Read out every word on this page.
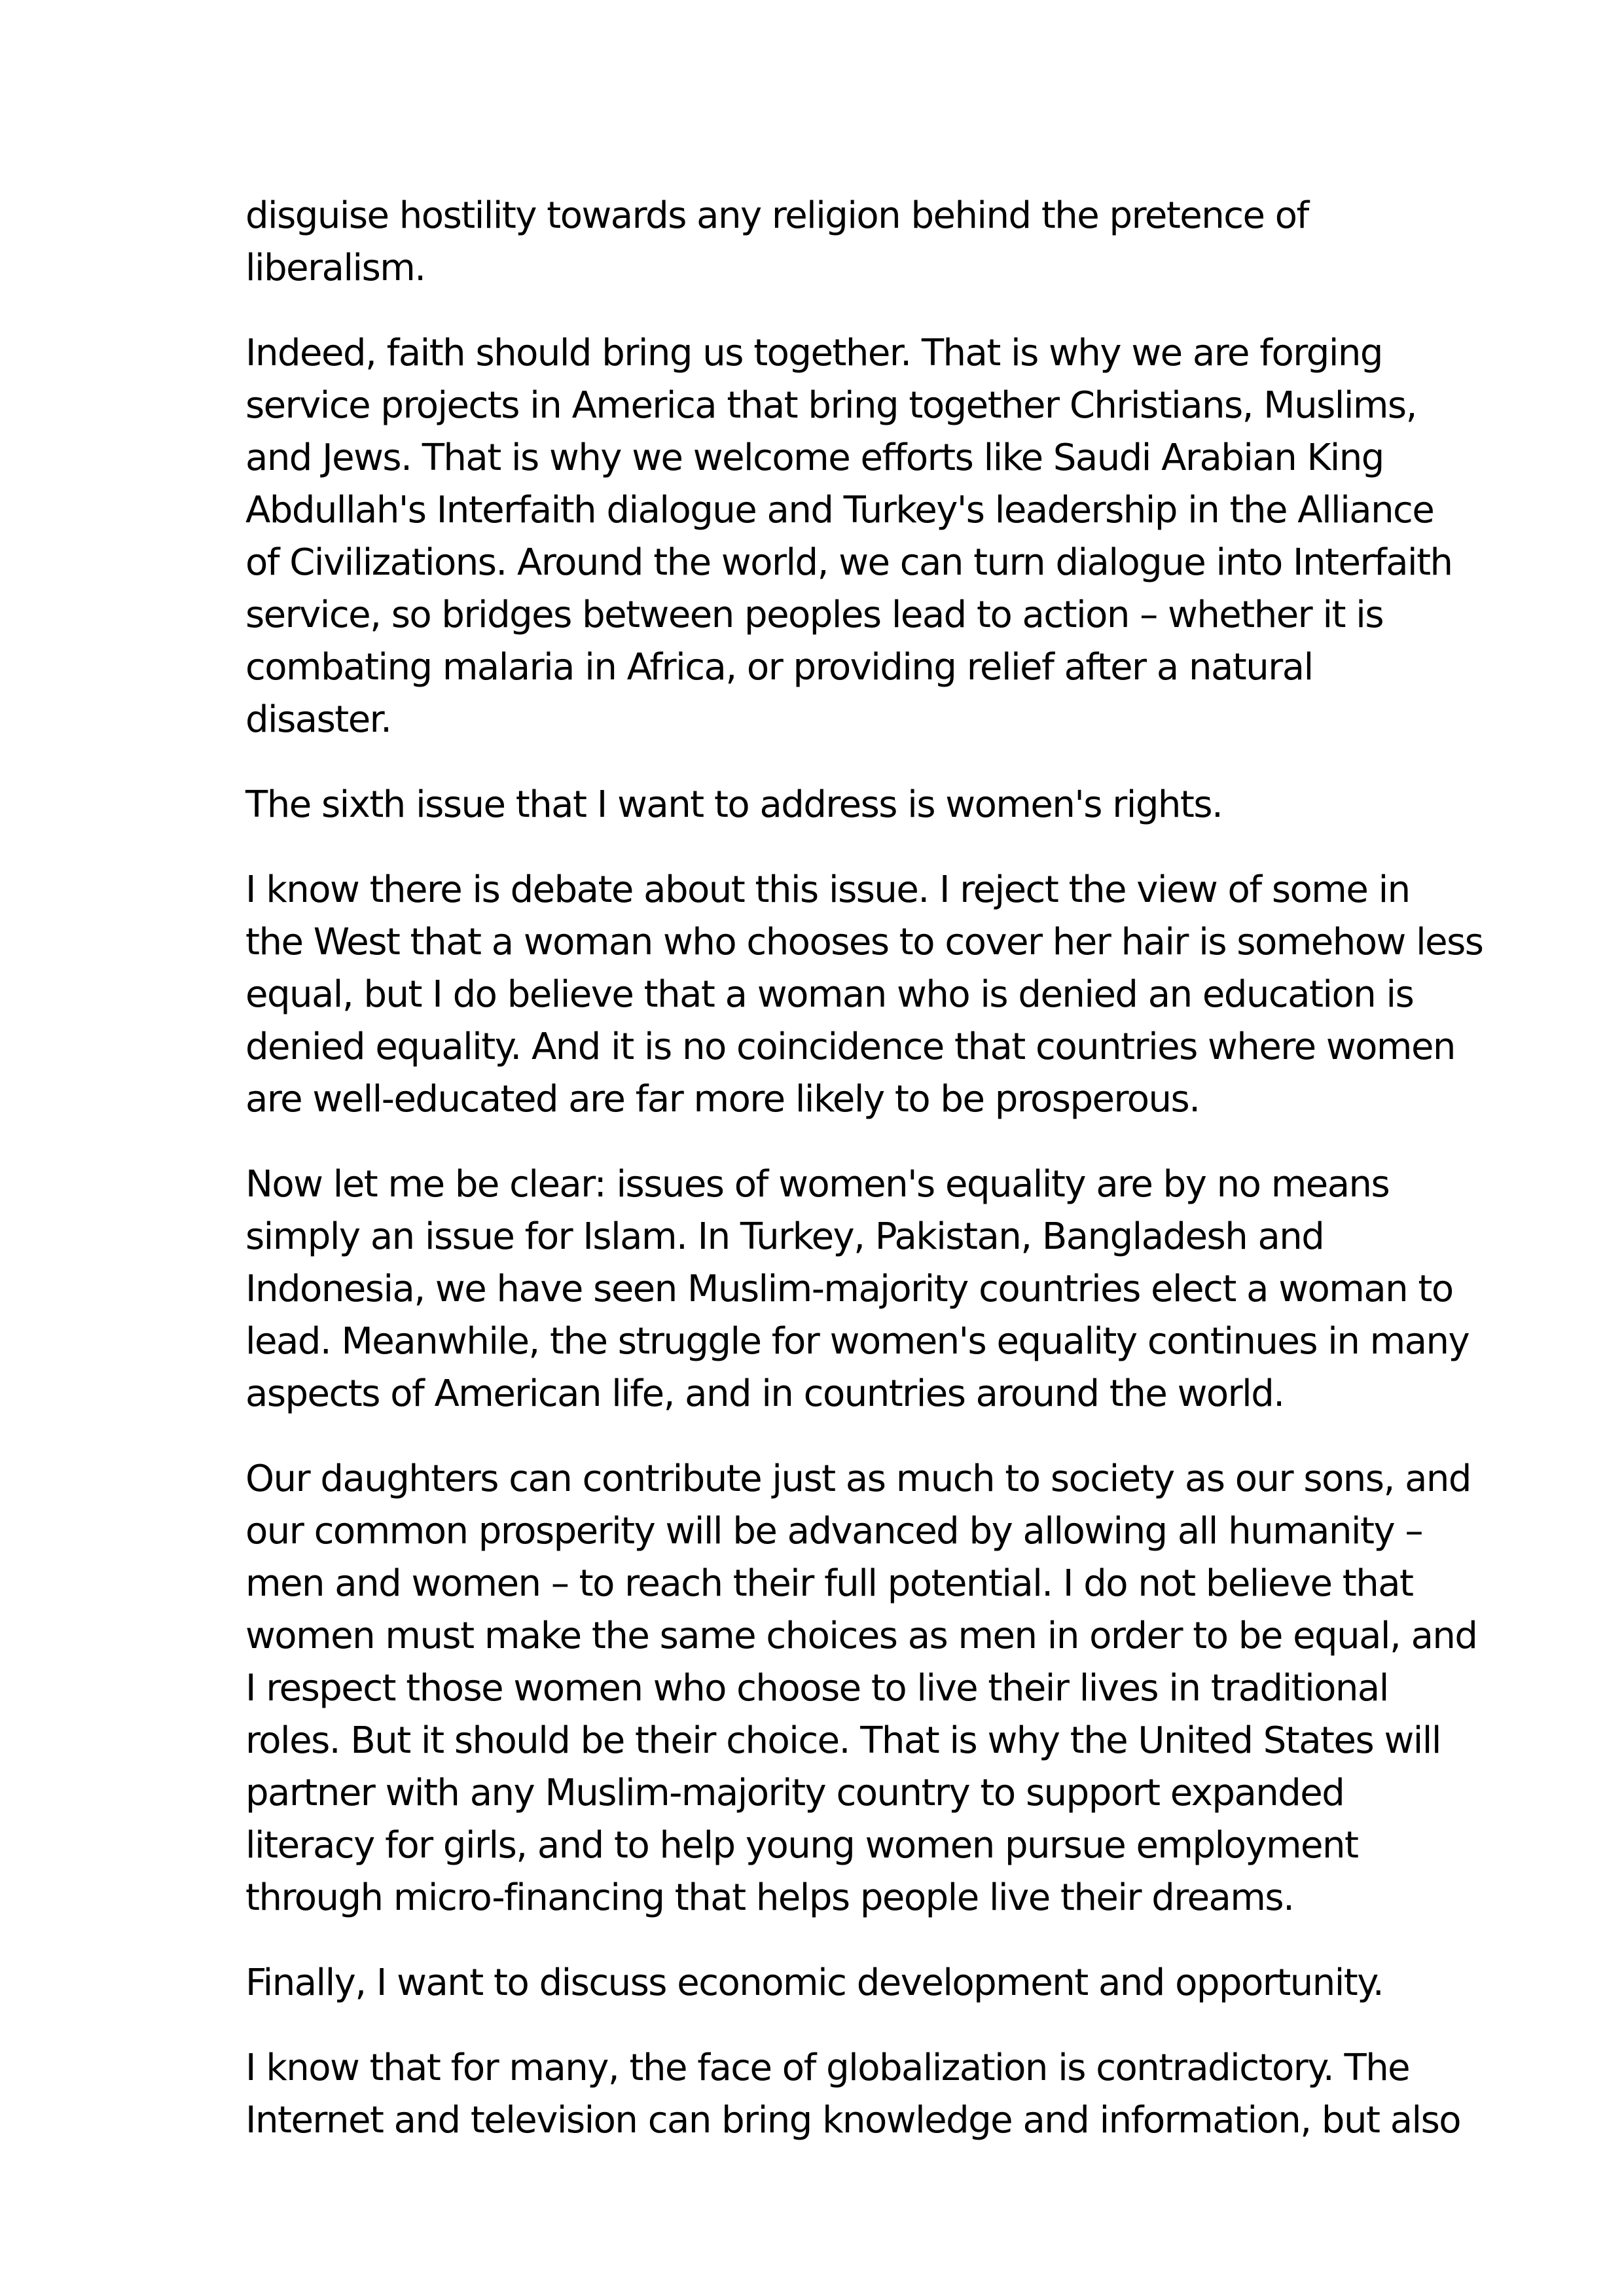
disguise hostility towards any religion behind the pretence of
liberalism.

Indeed, faith should bring us together. That is why we are forging
service projects in America that bring together Christians, Muslims,
and Jews. That is why we welcome efforts like Saudi Arabian King
Abdullah's Interfaith dialogue and Turkey's leadership in the Alliance
of Civilizations. Around the world, we can turn dialogue into Interfaith
service, so bridges between peoples lead to action – whether it is
combating malaria in Africa, or providing relief after a natural
disaster.

The sixth issue that I want to address is women's rights.

I know there is debate about this issue. I reject the view of some in
the West that a woman who chooses to cover her hair is somehow less
equal, but I do believe that a woman who is denied an education is
denied equality. And it is no coincidence that countries where women
are well-educated are far more likely to be prosperous.

Now let me be clear: issues of women's equality are by no means
simply an issue for Islam. In Turkey, Pakistan, Bangladesh and
Indonesia, we have seen Muslim-majority countries elect a woman to
lead. Meanwhile, the struggle for women's equality continues in many
aspects of American life, and in countries around the world.

Our daughters can contribute just as much to society as our sons, and
our common prosperity will be advanced by allowing all humanity –
men and women – to reach their full potential. I do not believe that
women must make the same choices as men in order to be equal, and
I respect those women who choose to live their lives in traditional
roles. But it should be their choice. That is why the United States will
partner with any Muslim-majority country to support expanded
literacy for girls, and to help young women pursue employment
through micro-financing that helps people live their dreams.

Finally, I want to discuss economic development and opportunity.

I know that for many, the face of globalization is contradictory. The
Internet and television can bring knowledge and information, but also
